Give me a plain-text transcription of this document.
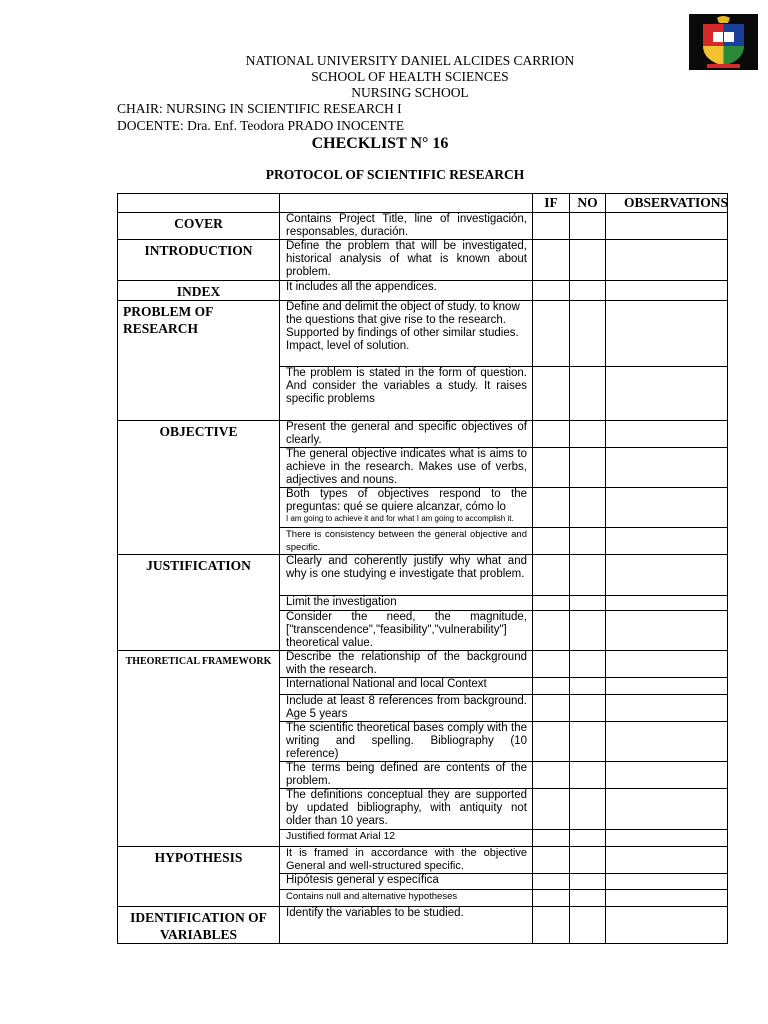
NATIONAL UNIVERSITY DANIEL ALCIDES CARRION
SCHOOL OF HEALTH SCIENCES
NURSING SCHOOL
CHAIR: NURSING IN SCIENTIFIC RESEARCH I
DOCENTE: Dra. Enf. Teodora PRADO INOCENTE
CHECKLIST N° 16
PROTOCOL OF SCIENTIFIC RESEARCH
		IF	NO	OBSERVATIONS
COVER	Contains Project Title, line of investigación, responsables, duración.			
INTRODUCTION	Define the problem that will be investigated, historical analysis of what is known about problem.			
INDEX	It includes all the appendices.			

PROBLEM OF RESEARCH	Define and delimit the object of study. to know the questions that give rise to the research. Supported by findings of other similar studies. Impact, level of solution.			
	The problem is stated in the form of question. And consider the variables a study. It raises specific problems			
OBJECTIVE	Present the general and specific objectives of clearly.			
	The general objective indicates what is aims to achieve in the research. Makes use of verbs, adjectives and nouns.			
	Both types of objectives respond to the preguntas: qué se quiere alcanzar, cómo lo
I am going to achieve it and for what I am going to accomplish it.			

	There is consistency between the general objective and specific.			
JUSTIFICATION	Clearly and coherently justify why what and why is one studying e investigate that problem.			
	Limit the investigation			
	Consider the need, the magnitude, ["transcendence","feasibility","vulnerability"] theoretical value.			
THEORETICAL FRAMEWORK	Describe the relationship of the background with the research.			
	International National and local Context			
	Include at least 8 references from background. Age 5 years			
	The scientific theoretical bases comply with the writing and spelling. Bibliography (10 reference)			
	The terms being defined are contents of the problem.			
	The definitions conceptual they are supported by updated bibliography, with antiquity not older than 10 years.			
	Justified format Arial 12			
HYPOTHESIS	It is framed in accordance with the objective General and well-structured specific.			
	Hipótesis general y específica			
	Contains null and alternative hypotheses			
IDENTIFICATION OF VARIABLES	Identify the variables to be studied.			
